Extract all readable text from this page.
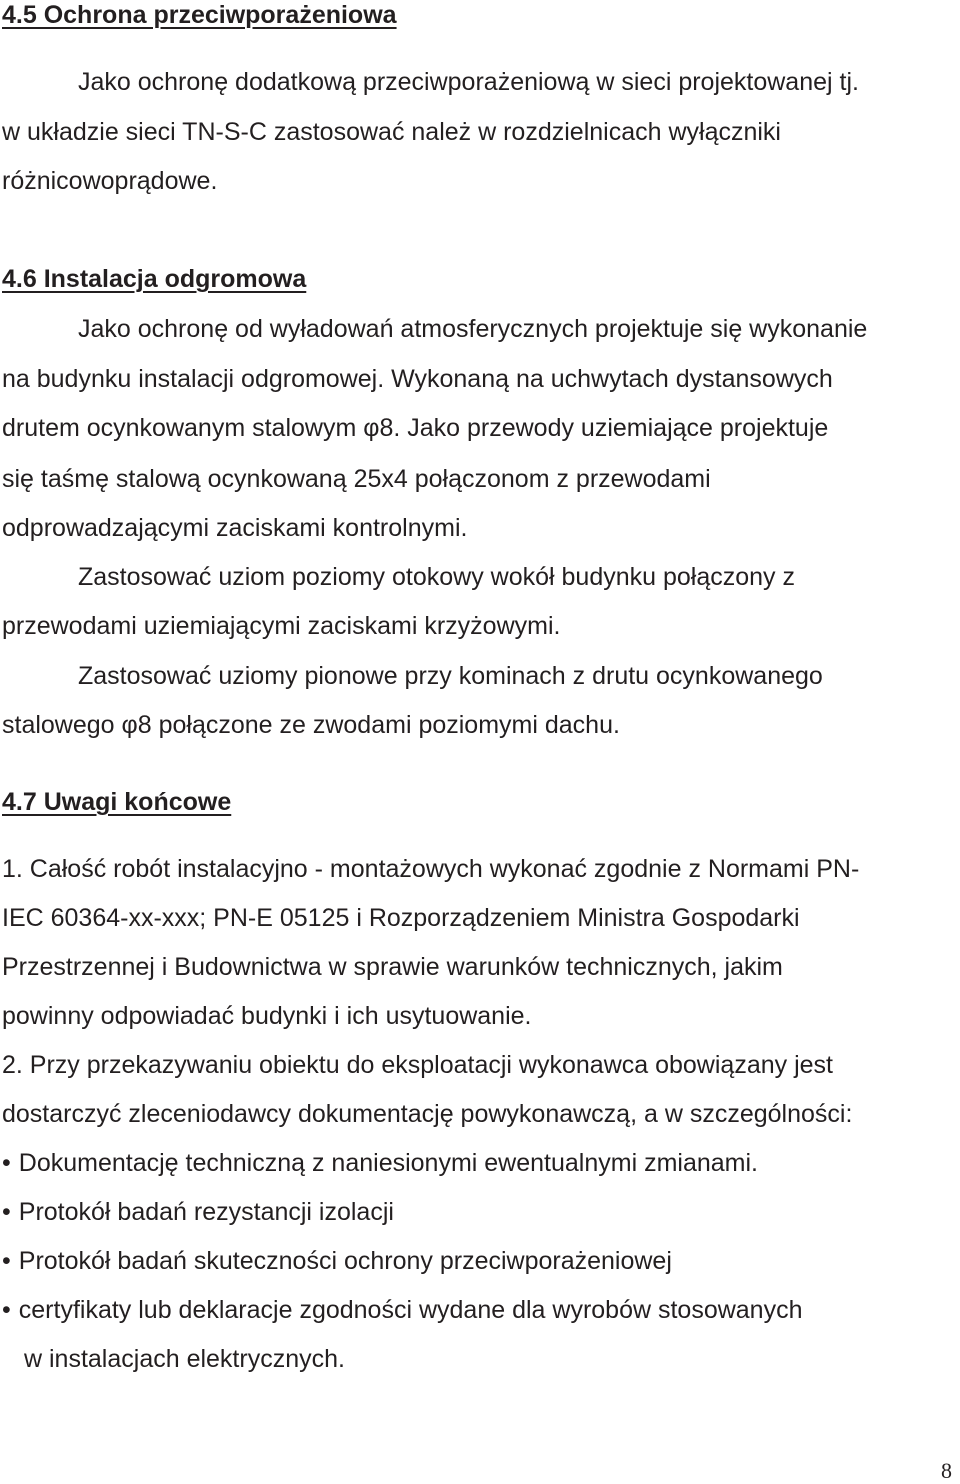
4.5 Ochrona przeciwporażeniowa
Jako ochronę dodatkową przeciwporażeniową w sieci projektowanej tj.
w układzie sieci TN-S-C zastosować należ w rozdzielnicach wyłączniki
różnicowoprądowe.
4.6 Instalacja odgromowa
Jako ochronę od wyładowań atmosferycznych projektuje się wykonanie
na budynku instalacji odgromowej. Wykonaną na uchwytach dystansowych
drutem ocynkowanym stalowym φ8. Jako przewody uziemiające projektuje
się taśmę stalową ocynkowaną 25x4 połączonom z przewodami
odprowadzającymi zaciskami kontrolnymi.
Zastosować uziom poziomy otokowy wokół budynku połączony z
przewodami uziemiającymi zaciskami krzyżowymi.
Zastosować uziomy pionowe przy kominach z drutu ocynkowanego
stalowego φ8 połączone ze zwodami poziomymi dachu.
4.7 Uwagi końcowe
1. Całość robót instalacyjno - montażowych wykonać zgodnie z Normami PN-
IEC 60364-xx-xxx; PN-E 05125 i Rozporządzeniem Ministra Gospodarki
Przestrzennej i Budownictwa w sprawie warunków technicznych, jakim
powinny odpowiadać budynki i ich usytuowanie.
2. Przy przekazywaniu obiektu do eksploatacji wykonawca obowiązany jest
dostarczyć zleceniodawcy dokumentację powykonawczą, a w szczególności:
• Dokumentację techniczną z naniesionymi ewentualnymi zmianami.
• Protokół badań rezystancji izolacji
• Protokół badań skuteczności ochrony przeciwporażeniowej
• certyfikaty lub deklaracje zgodności wydane dla wyrobów stosowanych
w instalacjach elektrycznych.
8
